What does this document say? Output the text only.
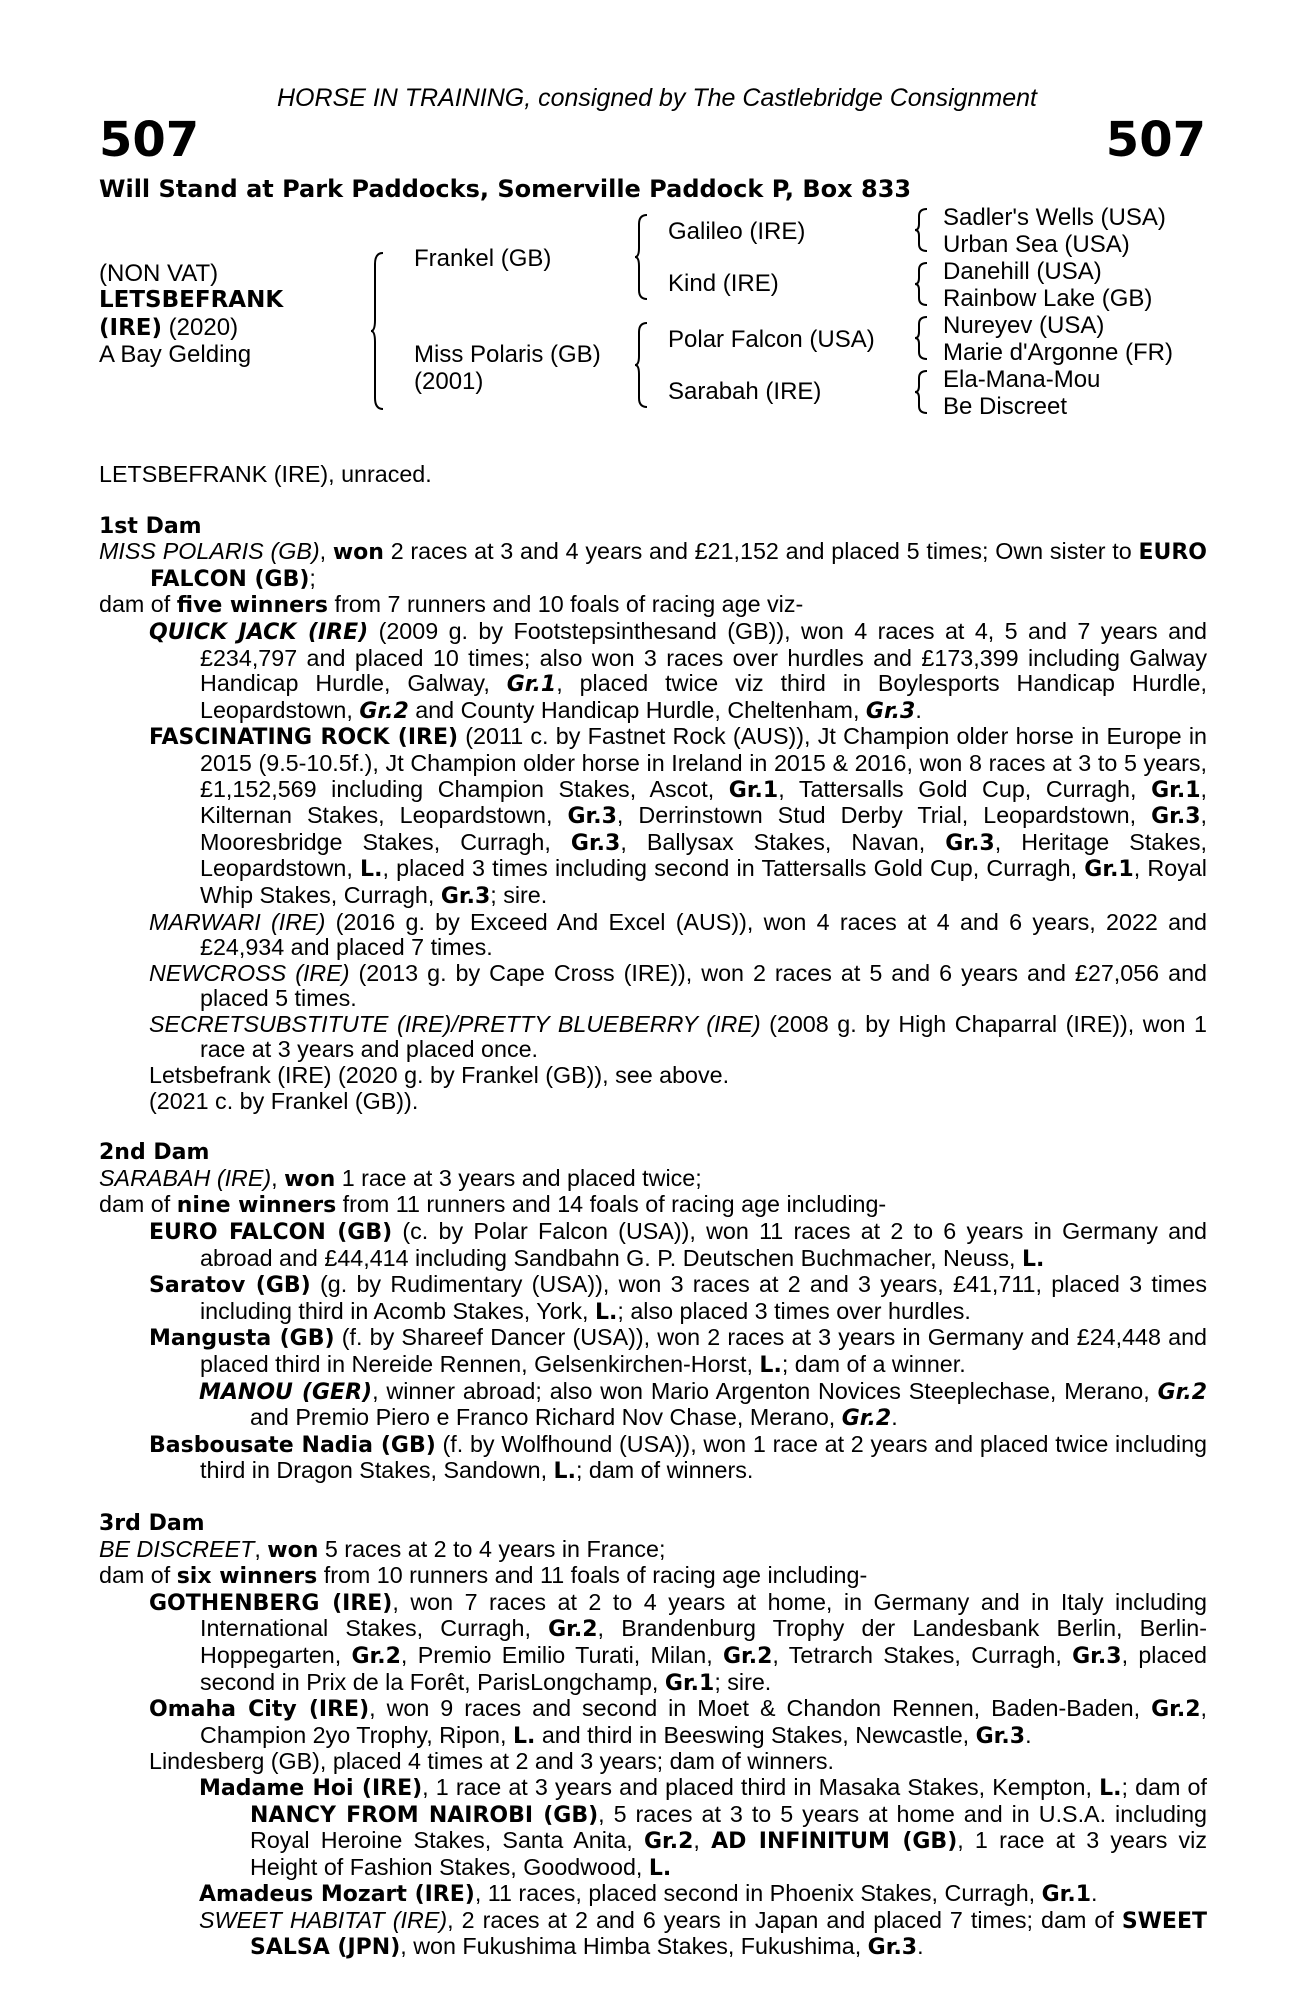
HORSE IN TRAINING, consigned by The Castlebridge Consignment
507	507
Will Stand at Park Paddocks, Somerville Paddock P, Box 833
(NON VAT)
LETSBEFRANK
(IRE) (2020)
A Bay Gelding
Frankel (GB)
Miss Polaris (GB)
(2001)
Galileo (IRE)
Kind (IRE)
Polar Falcon (USA)
Sarabah (IRE)
Sadler's Wells (USA)
Urban Sea (USA)
Danehill (USA)
Rainbow Lake (GB)
Nureyev (USA)
Marie d'Argonne (FR)
Ela-Mana-Mou
Be Discreet

LETSBEFRANK (IRE), unraced.

1st Dam

MISS POLARIS (GB), won 2 races at 3 and 4 years and £21,152 and placed 5 times; Own sister to EURO FALCON (GB);

dam of five winners from 7 runners and 10 foals of racing age viz-

QUICK JACK (IRE) (2009 g. by Footstepsinthesand (GB)), won 4 races at 4, 5 and 7 years and £234,797 and placed 10 times; also won 3 races over hurdles and £173,399 including Galway Handicap Hurdle, Galway, Gr.1, placed twice viz third in Boylesports Handicap Hurdle, Leopardstown, Gr.2 and County Handicap Hurdle, Cheltenham, Gr.3.

FASCINATING ROCK (IRE) (2011 c. by Fastnet Rock (AUS)), Jt Champion older horse in Europe in 2015 (9.5-10.5f.), Jt Champion older horse in Ireland in 2015 & 2016, won 8 races at 3 to 5 years, £1,152,569 including Champion Stakes, Ascot, Gr.1, Tattersalls Gold Cup, Curragh, Gr.1, Kilternan Stakes, Leopardstown, Gr.3, Derrinstown Stud Derby Trial, Leopardstown, Gr.3, Mooresbridge Stakes, Curragh, Gr.3, Ballysax Stakes, Navan, Gr.3, Heritage Stakes, Leopardstown, L., placed 3 times including second in Tattersalls Gold Cup, Curragh, Gr.1, Royal Whip Stakes, Curragh, Gr.3; sire.

MARWARI (IRE) (2016 g. by Exceed And Excel (AUS)), won 4 races at 4 and 6 years, 2022 and £24,934 and placed 7 times.

NEWCROSS (IRE) (2013 g. by Cape Cross (IRE)), won 2 races at 5 and 6 years and £27,056 and placed 5 times.

SECRETSUBSTITUTE (IRE)/PRETTY BLUEBERRY (IRE) (2008 g. by High Chaparral (IRE)), won 1 race at 3 years and placed once.

Letsbefrank (IRE) (2020 g. by Frankel (GB)), see above.

(2021 c. by Frankel (GB)).

2nd Dam

SARABAH (IRE), won 1 race at 3 years and placed twice;

dam of nine winners from 11 runners and 14 foals of racing age including-

EURO FALCON (GB) (c. by Polar Falcon (USA)), won 11 races at 2 to 6 years in Germany and abroad and £44,414 including Sandbahn G. P. Deutschen Buchmacher, Neuss, L.

Saratov (GB) (g. by Rudimentary (USA)), won 3 races at 2 and 3 years, £41,711, placed 3 times including third in Acomb Stakes, York, L.; also placed 3 times over hurdles.

Mangusta (GB) (f. by Shareef Dancer (USA)), won 2 races at 3 years in Germany and £24,448 and placed third in Nereide Rennen, Gelsenkirchen-Horst, L.; dam of a winner.

MANOU (GER), winner abroad; also won Mario Argenton Novices Steeplechase, Merano, Gr.2 and Premio Piero e Franco Richard Nov Chase, Merano, Gr.2.

Basbousate Nadia (GB) (f. by Wolfhound (USA)), won 1 race at 2 years and placed twice including third in Dragon Stakes, Sandown, L.; dam of winners.

3rd Dam

BE DISCREET, won 5 races at 2 to 4 years in France;

dam of six winners from 10 runners and 11 foals of racing age including-

GOTHENBERG (IRE), won 7 races at 2 to 4 years at home, in Germany and in Italy including International Stakes, Curragh, Gr.2, Brandenburg Trophy der Landesbank Berlin, Berlin-Hoppegarten, Gr.2, Premio Emilio Turati, Milan, Gr.2, Tetrarch Stakes, Curragh, Gr.3, placed second in Prix de la Forêt, ParisLongchamp, Gr.1; sire.

Omaha City (IRE), won 9 races and second in Moet & Chandon Rennen, Baden-Baden, Gr.2, Champion 2yo Trophy, Ripon, L. and third in Beeswing Stakes, Newcastle, Gr.3.

Lindesberg (GB), placed 4 times at 2 and 3 years; dam of winners.

Madame Hoi (IRE), 1 race at 3 years and placed third in Masaka Stakes, Kempton, L.; dam of NANCY FROM NAIROBI (GB), 5 races at 3 to 5 years at home and in U.S.A. including Royal Heroine Stakes, Santa Anita, Gr.2, AD INFINITUM (GB), 1 race at 3 years viz Height of Fashion Stakes, Goodwood, L.

Amadeus Mozart (IRE), 11 races, placed second in Phoenix Stakes, Curragh, Gr.1.

SWEET HABITAT (IRE), 2 races at 2 and 6 years in Japan and placed 7 times; dam of SWEET SALSA (JPN), won Fukushima Himba Stakes, Fukushima, Gr.3.
